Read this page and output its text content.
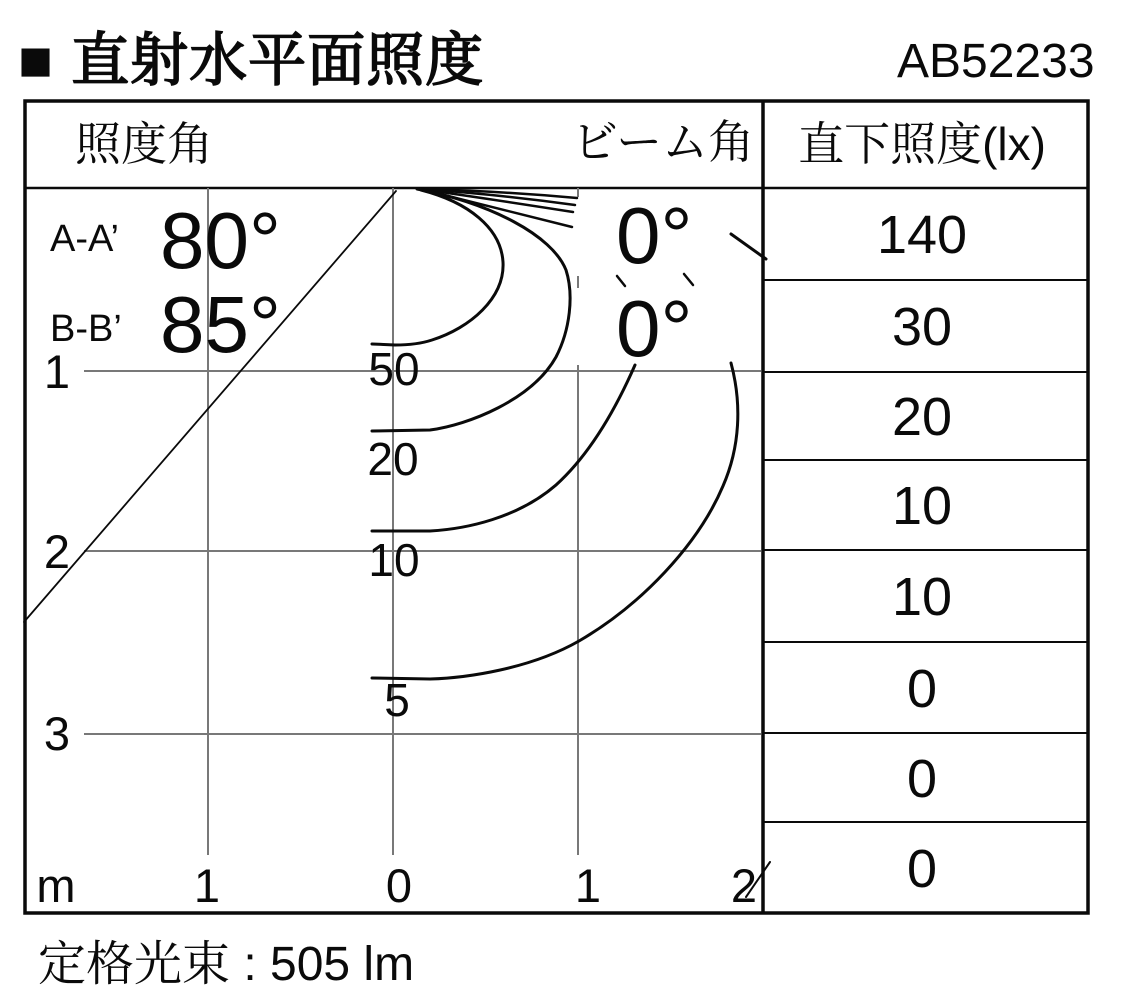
■ 直射水平面照度	AB52233
照度角	ビーム角 直下照度(lx)
A-A’ 80°	0°
B-B’ 85°	0°
50
20
10
5
1
2
3
m	1	0	1	2
140
30
20
10
10
0
0
0
定格光束 : 505 lm
